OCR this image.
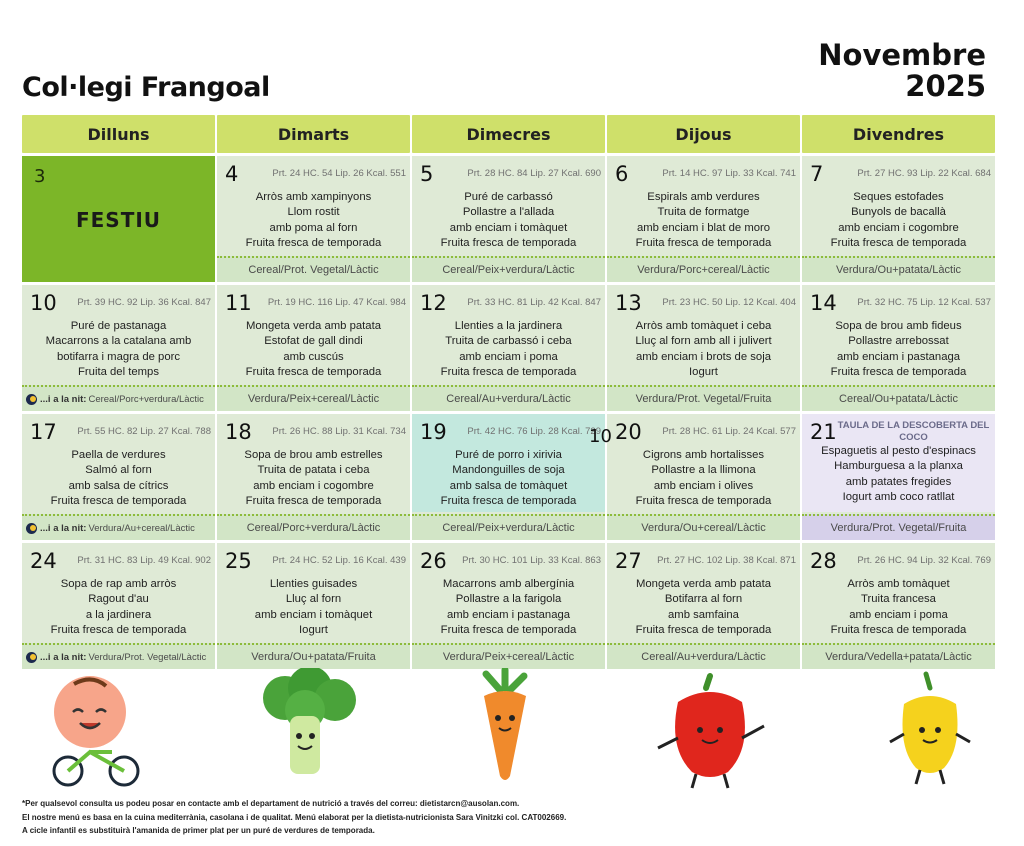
Col·legi Frangoal
Novembre
2025
Dilluns	Dimarts	Dimecres	Dijous	Divendres
3
FESTIU
4	Prt. 24 HC. 54 Lip. 26 Kcal. 551
Arròs amb xampinyons
Llom rostit
amb poma al forn
Fruita fresca de temporada
Cereal/Prot. Vegetal/Làctic
5	Prt. 28 HC. 84 Lip. 27 Kcal. 690
Puré de carbassó
Pollastre a l'allada
amb enciam i tomàquet
Fruita fresca de temporada
Cereal/Peix+verdura/Làctic
6	Prt. 14 HC. 97 Lip. 33 Kcal. 741
Espirals amb verdures
Truita de formatge
amb enciam i blat de moro
Fruita fresca de temporada
Verdura/Porc+cereal/Làctic
7	Prt. 27 HC. 93 Lip. 22 Kcal. 684
Seques estofades
Bunyols de bacallà
amb enciam i cogombre
Fruita fresca de temporada
Verdura/Ou+patata/Làctic
10 Prt. 39 HC. 92 Lip. 36 Kcal. 847
Puré de pastanaga
Macarrons a la catalana amb
botifarra i magra de porc
Fruita del temps
...i a la nit: Cereal/Porc+verdura/Làctic
11 Prt. 19 HC. 116 Lip. 47 Kcal. 984
Mongeta verda amb patata
Estofat de gall dindi
amb cuscús
Fruita fresca de temporada
Verdura/Peix+cereal/Làctic
12 Prt. 33 HC. 81 Lip. 42 Kcal. 847
Llenties a la jardinera
Truita de carbassó i ceba
amb enciam i poma
Fruita fresca de temporada
Cereal/Au+verdura/Làctic
13 Prt. 23 HC. 50 Lip. 12 Kcal. 404
Arròs amb tomàquet i ceba
Lluç al forn amb all i julivert
amb enciam i brots de soja
Iogurt
Verdura/Prot. Vegetal/Fruita
14 Prt. 32 HC. 75 Lip. 12 Kcal. 537
Sopa de brou amb fideus
Pollastre arrebossat
amb enciam i pastanaga
Fruita fresca de temporada
Cereal/Ou+patata/Làctic
17 Prt. 55 HC. 82 Lip. 27 Kcal. 788
Paella de verdures
Salmó al forn
amb salsa de cítrics
Fruita fresca de temporada
...i a la nit: Verdura/Au+cereal/Làctic
18 Prt. 26 HC. 88 Lip. 31 Kcal. 734
Sopa de brou amb estrelles
Truita de patata i ceba
amb enciam i cogombre
Fruita fresca de temporada
Cereal/Porc+verdura/Làctic
19 Prt. 42 HC. 76 Lip. 28 Kcal. 729
Puré de porro i xirivia
Mandonguilles de soja
amb salsa de tomàquet
Fruita fresca de temporada
Cereal/Peix+verdura/Làctic
20
10	Prt. 28 HC. 61 Lip. 24 Kcal. 577
Cigrons amb hortalisses
Pollastre a la llimona
amb enciam i olives
Fruita fresca de temporada
Verdura/Ou+cereal/Làctic
21 TAULA DE LA DESCOBERTA DEL COCO
Espaguetis al pesto d'espinacs
Hamburguesa a la planxa
amb patates fregides
Iogurt amb coco ratllat
Verdura/Prot. Vegetal/Fruita
24 Prt. 31 HC. 83 Lip. 49 Kcal. 902
Sopa de rap amb arròs
Ragout d'au
a la jardinera
Fruita fresca de temporada
...i a la nit: Verdura/Prot. Vegetal/Làctic
25 Prt. 24 HC. 52 Lip. 16 Kcal. 439
Llenties guisades
Lluç al forn
amb enciam i tomàquet
Iogurt
Verdura/Ou+patata/Fruita
26 Prt. 30 HC. 101 Lip. 33 Kcal. 863
Macarrons amb albergínia
Pollastre a la farigola
amb enciam i pastanaga
Fruita fresca de temporada
Verdura/Peix+cereal/Làctic
27 Prt. 27 HC. 102 Lip. 38 Kcal. 871
Mongeta verda amb patata
Botifarra al forn
amb samfaina
Fruita fresca de temporada
Cereal/Au+verdura/Làctic
28 Prt. 26 HC. 94 Lip. 32 Kcal. 769
Arròs amb tomàquet
Truita francesa
amb enciam i poma
Fruita fresca de temporada
Verdura/Vedella+patata/Làctic
*Per qualsevol consulta us podeu posar en contacte amb el departament de nutrició a través del correu: dietistarcn@ausolan.com.
El nostre menú es basa en la cuina mediterrània, casolana i de qualitat. Menú elaborat per la dietista-nutricionista Sara Vinitzki col. CAT002669.
A cicle infantil es substituirà l'amanida de primer plat per un puré de verdures de temporada.
